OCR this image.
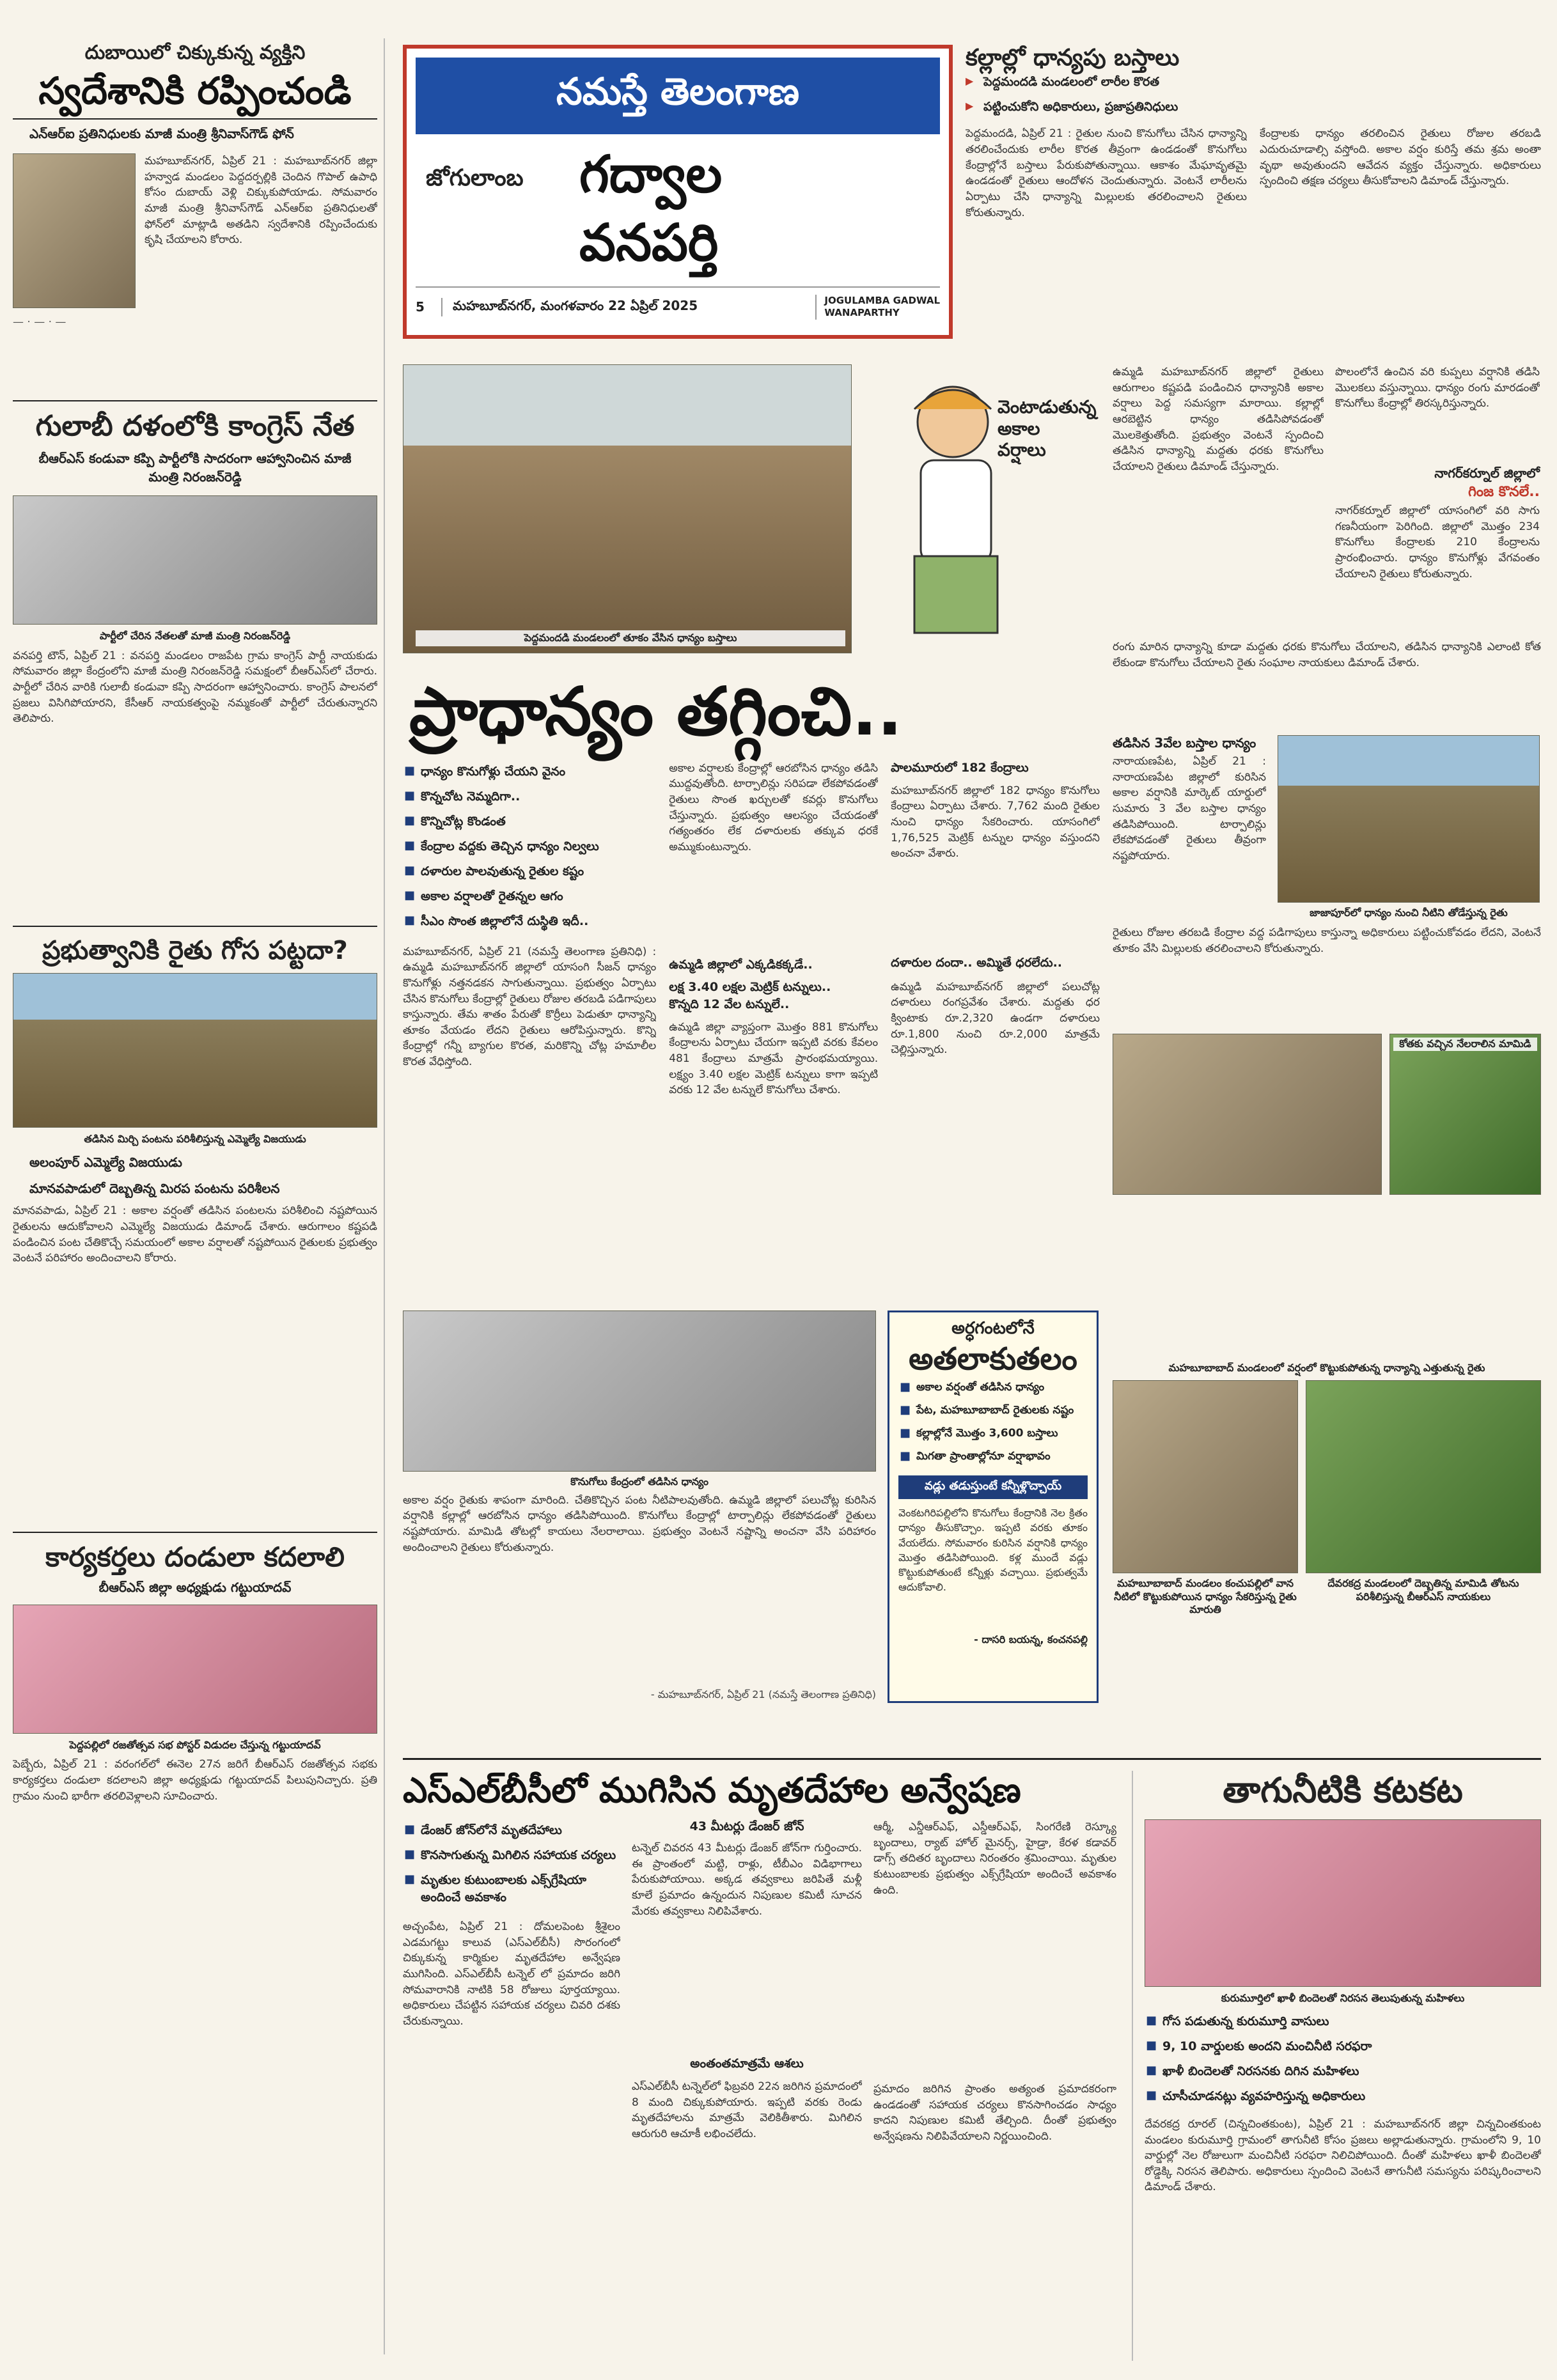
దుబాయిలో చిక్కుకున్న వ్యక్తిని
స్వదేశానికి రప్పించండి
ఎన్‌ఆర్‌ఐ ప్రతినిధులకు మాజీ మంత్రి శ్రీనివాస్‌గౌడ్ ఫోన్
మహబూబ్‌నగర్, ఏప్రిల్ 21 : మహబూబ్‌నగర్ జిల్లా హన్వాడ మండలం పెద్దదర్పల్లికి చెందిన గొపాల్ ఉపాధి కోసం దుబాయ్ వెళ్లి చిక్కుకుపోయాడు. సోమవారం మాజీ మంత్రి శ్రీనివాస్‌గౌడ్ ఎన్‌ఆర్‌ఐ ప్రతినిధులతో ఫోన్‌లో మాట్లాడి అతడిని స్వదేశానికి రప్పించేందుకు కృషి చేయాలని కోరారు.
— · — · —
గులాబీ దళంలోకి కాంగ్రెస్ నేత
బీఆర్‌ఎస్ కండువా కప్పి పార్టీలోకి సాదరంగా ఆహ్వానించిన మాజీ మంత్రి నిరంజన్‌రెడ్డి
పార్టీలో చేరిన నేతలతో మాజీ మంత్రి నిరంజన్‌రెడ్డి
వనపర్తి టౌన్, ఏప్రిల్ 21 : వనపర్తి మండలం రాజపేట గ్రామ కాంగ్రెస్ పార్టీ నాయకుడు సోమవారం జిల్లా కేంద్రంలోని మాజీ మంత్రి నిరంజన్‌రెడ్డి సమక్షంలో బీఆర్‌ఎస్‌లో చేరారు. పార్టీలో చేరిన వారికి గులాబీ కండువా కప్పి సాదరంగా ఆహ్వానించారు. కాంగ్రెస్ పాలనలో ప్రజలు విసిగిపోయారని, కేసీఆర్ నాయకత్వంపై నమ్మకంతో పార్టీలో చేరుతున్నారని తెలిపారు.
ప్రభుత్వానికి రైతు గోస పట్టదా?
తడిసిన మిర్చి పంటను పరిశీలిస్తున్న ఎమ్మెల్యే విజయుడు
అలంపూర్ ఎమ్మెల్యే విజయుడు
మానవపాడులో దెబ్బతిన్న మిరప పంటను పరిశీలన
మానవపాడు, ఏప్రిల్ 21 : అకాల వర్షంతో తడిసిన పంటలను పరిశీలించి నష్టపోయిన రైతులను ఆదుకోవాలని ఎమ్మెల్యే విజయుడు డిమాండ్ చేశారు. ఆరుగాలం కష్టపడి పండించిన పంట చేతికొచ్చే సమయంలో అకాల వర్షాలతో నష్టపోయిన రైతులకు ప్రభుత్వం వెంటనే పరిహారం అందించాలని కోరారు.
కార్యకర్తలు దండులా కదలాలి
బీఆర్‌ఎస్ జిల్లా అధ్యక్షుడు గట్టుయాదవ్
పెద్దపల్లిలో రజతోత్సవ సభ పోస్టర్ విడుదల చేస్తున్న గట్టుయాదవ్
పెబ్బేరు, ఏప్రిల్ 21 : వరంగల్‌లో ఈనెల 27న జరిగే బీఆర్‌ఎస్ రజతోత్సవ సభకు కార్యకర్తలు దండులా కదలాలని జిల్లా అధ్యక్షుడు గట్టుయాదవ్ పిలుపునిచ్చారు. ప్రతి గ్రామం నుంచి భారీగా తరలివెళ్లాలని సూచించారు.
నమస్తే తెలంగాణ
జోగులాంబ	గద్వాల
వనపర్తి
5	మహబూబ్‌నగర్, మంగళవారం 22 ఏప్రిల్ 2025	JOGULAMBA GADWAL
WANAPARTHY
కల్లాల్లో ధాన్యపు బస్తాలు
▶ పెద్దమందడి మండలంలో లారీల కొరత
▶ పట్టించుకోని అధికారులు, ప్రజాప్రతినిధులు
పెద్దమందడి, ఏప్రిల్ 21 : రైతుల నుంచి కొనుగోలు చేసిన ధాన్యాన్ని తరలించేందుకు లారీల కొరత తీవ్రంగా ఉండడంతో కొనుగోలు కేంద్రాల్లోనే బస్తాలు పేరుకుపోతున్నాయి. ఆకాశం మేఘావృతమై ఉండడంతో రైతులు ఆందోళన చెందుతున్నారు. వెంటనే లారీలను ఏర్పాటు చేసి ధాన్యాన్ని మిల్లులకు తరలించాలని రైతులు కోరుతున్నారు.
కేంద్రాలకు ధాన్యం తరలించిన రైతులు రోజుల తరబడి ఎదురుచూడాల్సి వస్తోంది. అకాల వర్షం కురిస్తే తమ శ్రమ అంతా వృథా అవుతుందని ఆవేదన వ్యక్తం చేస్తున్నారు. అధికారులు స్పందించి తక్షణ చర్యలు తీసుకోవాలని డిమాండ్ చేస్తున్నారు.
పెద్దమందడి మండలంలో తూకం వేసిన ధాన్యం బస్తాలు
వెంటాడుతున్న అకాల వర్షాలు
ప్రాధాన్యం తగ్గించి..
■ ధాన్యం కొనుగోళ్లు చేయని వైనం
■ కొన్నచోట నెమ్మదిగా..
■ కొన్నిచోట్ల కొండంత
■ కేంద్రాల వద్దకు తెచ్చిన ధాన్యం నిల్వలు
■ దళారుల పాలవుతున్న రైతుల కష్టం
■ అకాల వర్షాలతో రైతన్నల ఆగం
■ సీఎం సొంత జిల్లాలోనే దుస్థితి ఇదీ..
మహబూబ్‌నగర్, ఏప్రిల్ 21 (నమస్తే తెలంగాణ ప్రతినిధి) : ఉమ్మడి మహబూబ్‌నగర్ జిల్లాలో యాసంగి సీజన్ ధాన్యం కొనుగోళ్లు నత్తనడకన సాగుతున్నాయి. ప్రభుత్వం ఏర్పాటు చేసిన కొనుగోలు కేంద్రాల్లో రైతులు రోజుల తరబడి పడిగాపులు కాస్తున్నారు. తేమ శాతం పేరుతో కొర్రీలు పెడుతూ ధాన్యాన్ని తూకం వేయడం లేదని రైతులు ఆరోపిస్తున్నారు. కొన్ని కేంద్రాల్లో గన్నీ బ్యాగుల కొరత, మరికొన్ని చోట్ల హమాలీల కొరత వేధిస్తోంది.
అకాల వర్షాలకు కేంద్రాల్లో ఆరబోసిన ధాన్యం తడిసి ముద్దవుతోంది. టార్పాలిన్లు సరిపడా లేకపోవడంతో రైతులు సొంత ఖర్చులతో కవర్లు కొనుగోలు చేస్తున్నారు. ప్రభుత్వం ఆలస్యం చేయడంతో గత్యంతరం లేక దళారులకు తక్కువ ధరకే అమ్ముకుంటున్నారు.
ఉమ్మడి జిల్లాలో ఎక్కడికక్కడే..
లక్ష 3.40 లక్షల మెట్రిక్ టన్నులు..
కొన్నది 12 వేల టన్నులే..
ఉమ్మడి జిల్లా వ్యాప్తంగా మొత్తం 881 కొనుగోలు కేంద్రాలను ఏర్పాటు చేయగా ఇప్పటి వరకు కేవలం 481 కేంద్రాలు మాత్రమే ప్రారంభమయ్యాయి. లక్ష్యం 3.40 లక్షల మెట్రిక్ టన్నులు కాగా ఇప్పటి వరకు 12 వేల టన్నులే కొనుగోలు చేశారు.
పాలమూరులో 182 కేంద్రాలు
మహబూబ్‌నగర్ జిల్లాలో 182 ధాన్యం కొనుగోలు కేంద్రాలు ఏర్పాటు చేశారు. 7,762 మంది రైతుల నుంచి ధాన్యం సేకరించారు. యాసంగిలో 1,76,525 మెట్రిక్ టన్నుల ధాన్యం వస్తుందని అంచనా వేశారు.
దళారుల దందా.. అమ్మితే ధరలేదు..
ఉమ్మడి మహబూబ్‌నగర్ జిల్లాలో పలుచోట్ల దళారులు రంగప్రవేశం చేశారు. మద్దతు ధర క్వింటాకు రూ.2,320 ఉండగా దళారులు రూ.1,800 నుంచి రూ.2,000 మాత్రమే చెల్లిస్తున్నారు.
ఉమ్మడి మహబూబ్‌నగర్ జిల్లాలో రైతులు ఆరుగాలం కష్టపడి పండించిన ధాన్యానికి అకాల వర్షాలు పెద్ద సమస్యగా మారాయి. కల్లాల్లో ఆరబెట్టిన ధాన్యం తడిసిపోవడంతో మొలకెత్తుతోంది. ప్రభుత్వం వెంటనే స్పందించి తడిసిన ధాన్యాన్ని మద్దతు ధరకు కొనుగోలు చేయాలని రైతులు డిమాండ్ చేస్తున్నారు.
పొలంలోనే ఉంచిన వరి కుప్పలు వర్షానికి తడిసి మొలకలు వస్తున్నాయి. ధాన్యం రంగు మారడంతో కొనుగోలు కేంద్రాల్లో తిరస్కరిస్తున్నారు.
నాగర్‌కర్నూల్ జిల్లాలో
గింజ కొనలే..
నాగర్‌కర్నూల్ జిల్లాలో యాసంగిలో వరి సాగు గణనీయంగా పెరిగింది. జిల్లాలో మొత్తం 234 కొనుగోలు కేంద్రాలకు 210 కేంద్రాలను ప్రారంభించారు. ధాన్యం కొనుగోళ్లు వేగవంతం చేయాలని రైతులు కోరుతున్నారు.
రంగు మారిన ధాన్యాన్ని కూడా మద్దతు ధరకు కొనుగోలు చేయాలని, తడిసిన ధాన్యానికి ఎలాంటి కోత లేకుండా కొనుగోలు చేయాలని రైతు సంఘాల నాయకులు డిమాండ్ చేశారు.
తడిసిన 3వేల బస్తాల ధాన్యం
నారాయణపేట, ఏప్రిల్ 21 : నారాయణపేట జిల్లాలో కురిసిన అకాల వర్షానికి మార్కెట్ యార్డులో సుమారు 3 వేల బస్తాల ధాన్యం తడిసిపోయింది. టార్పాలిన్లు లేకపోవడంతో రైతులు తీవ్రంగా నష్టపోయారు.
జాజాపూర్‌లో ధాన్యం నుంచి నీటిని తోడేస్తున్న రైతు
రైతులు రోజుల తరబడి కేంద్రాల వద్ద పడిగాపులు కాస్తున్నా అధికారులు పట్టించుకోవడం లేదని, వెంటనే తూకం వేసి మిల్లులకు తరలించాలని కోరుతున్నారు.
కోతకు వచ్చిన నేలరాలిన మామిడి
కొనుగోలు కేంద్రంలో తడిసిన ధాన్యం
అకాల వర్షం రైతుకు శాపంగా మారింది. చేతికొచ్చిన పంట నీటిపాలవుతోంది. ఉమ్మడి జిల్లాలో పలుచోట్ల కురిసిన వర్షానికి కల్లాల్లో ఆరబోసిన ధాన్యం తడిసిపోయింది. కొనుగోలు కేంద్రాల్లో టార్పాలిన్లు లేకపోవడంతో రైతులు నష్టపోయారు. మామిడి తోటల్లో కాయలు నేలరాలాయి. ప్రభుత్వం వెంటనే నష్టాన్ని అంచనా వేసి పరిహారం అందించాలని రైతులు కోరుతున్నారు.
- మహబూబ్‌నగర్, ఏప్రిల్ 21 (నమస్తే తెలంగాణ ప్రతినిధి)
అర్ధగంటలోనే
అతలాకుతలం
■ అకాల వర్షంతో తడిసిన ధాన్యం
■ పేట, మహబూబాబాద్ రైతులకు నష్టం
■ కల్లాల్లోనే మొత్తం 3,600 బస్తాలు
■ మిగతా ప్రాంతాల్లోనూ వర్షాభావం
వడ్లు తడుస్తుంటే కన్నీళ్లొచ్చాయ్
వెంకటగిరిపల్లిలోని కొనుగోలు కేంద్రానికి నెల క్రితం ధాన్యం తీసుకొచ్చాం. ఇప్పటి వరకు తూకం వేయలేదు. సోమవారం కురిసిన వర్షానికి ధాన్యం మొత్తం తడిసిపోయింది. కళ్ల ముందే వడ్లు కొట్టుకుపోతుంటే కన్నీళ్లు వచ్చాయి. ప్రభుత్వమే ఆదుకోవాలి.
- దాసరి బయన్న, కంచనపల్లి
మహబూబాబాద్ మండలంలో వర్షంలో కొట్టుకుపోతున్న ధాన్యాన్ని ఎత్తుతున్న రైతు
మహబూబాబాద్ మండలం కంచుపల్లిలో వాన నీటిలో కొట్టుకుపోయిన ధాన్యం సేకరిస్తున్న రైతు మారుతి
దేవరకద్ర మండలంలో దెబ్బతిన్న మామిడి తోటను పరిశీలిస్తున్న బీఆర్‌ఎస్ నాయకులు
ఎస్‌ఎల్‌బీసీలో ముగిసిన మృతదేహాల అన్వేషణ
■ డేంజర్ జోన్‌లోనే మృతదేహాలు
■ కొనసాగుతున్న మిగిలిన సహాయక చర్యలు
■ మృతుల కుటుంబాలకు ఎక్స్‌గ్రేషియా అందించే అవకాశం
అచ్చంపేట, ఏప్రిల్ 21 : దోమలపెంట శ్రీశైలం ఎడమగట్టు కాలువ (ఎస్‌ఎల్‌బీసీ) సొరంగంలో చిక్కుకున్న కార్మికుల మృతదేహాల అన్వేషణ ముగిసింది. ఎస్‌ఎల్‌బీసీ టన్నెల్ లో ప్రమాదం జరిగి సోమవారానికి నాటికి 58 రోజులు పూర్తయ్యాయి. అధికారులు చేపట్టిన సహాయక చర్యలు చివరి దశకు చేరుకున్నాయి.
43 మీటర్లు డేంజర్ జోన్
టన్నెల్ చివరన 43 మీటర్లు డేంజర్ జోన్‌గా గుర్తించారు. ఈ ప్రాంతంలో మట్టి, రాళ్లు, టీబీఎం విడిభాగాలు పేరుకుపోయాయి. అక్కడ తవ్వకాలు జరిపితే మళ్లీ కూలే ప్రమాదం ఉన్నందున నిపుణుల కమిటీ సూచన మేరకు తవ్వకాలు నిలిపివేశారు.
అంతంతమాత్రమే ఆశలు
ఎస్‌ఎల్‌బీసీ టన్నెల్‌లో ఫిబ్రవరి 22న జరిగిన ప్రమాదంలో 8 మంది చిక్కుకుపోయారు. ఇప్పటి వరకు రెండు మృతదేహాలను మాత్రమే వెలికితీశారు. మిగిలిన ఆరుగురి ఆచూకీ లభించలేదు.
ఆర్మీ, ఎన్డీఆర్‌ఎఫ్, ఎస్డీఆర్‌ఎఫ్, సింగరేణి రెస్క్యూ బృందాలు, ర్యాట్ హోల్ మైనర్స్, హైడ్రా, కేరళ కడావర్ డాగ్స్ తదితర బృందాలు నిరంతరం శ్రమించాయి. మృతుల కుటుంబాలకు ప్రభుత్వం ఎక్స్‌గ్రేషియా అందించే అవకాశం ఉంది.
ప్రమాదం జరిగిన ప్రాంతం అత్యంత ప్రమాదకరంగా ఉండడంతో సహాయక చర్యలు కొనసాగించడం సాధ్యం కాదని నిపుణుల కమిటీ తేల్చింది. దీంతో ప్రభుత్వం అన్వేషణను నిలిపివేయాలని నిర్ణయించింది.
తాగునీటికి కటకట
కురుమూర్తిలో ఖాళీ బిందెలతో నిరసన తెలుపుతున్న మహిళలు
■ గోస పడుతున్న కురుమూర్తి వాసులు
■ 9, 10 వార్డులకు అందని మంచినీటి సరఫరా
■ ఖాళీ బిందెలతో నిరసనకు దిగిన మహిళలు
■ చూసీచూడనట్లు వ్యవహరిస్తున్న అధికారులు
దేవరకద్ర రూరల్ (చిన్నచింతకుంట), ఏప్రిల్ 21 : మహబూబ్‌నగర్ జిల్లా చిన్నచింతకుంట మండలం కురుమూర్తి గ్రామంలో తాగునీటి కోసం ప్రజలు అల్లాడుతున్నారు. గ్రామంలోని 9, 10 వార్డుల్లో నెల రోజులుగా మంచినీటి సరఫరా నిలిచిపోయింది. దీంతో మహిళలు ఖాళీ బిందెలతో రోడ్డెక్కి నిరసన తెలిపారు. అధికారులు స్పందించి వెంటనే తాగునీటి సమస్యను పరిష్కరించాలని డిమాండ్ చేశారు.
